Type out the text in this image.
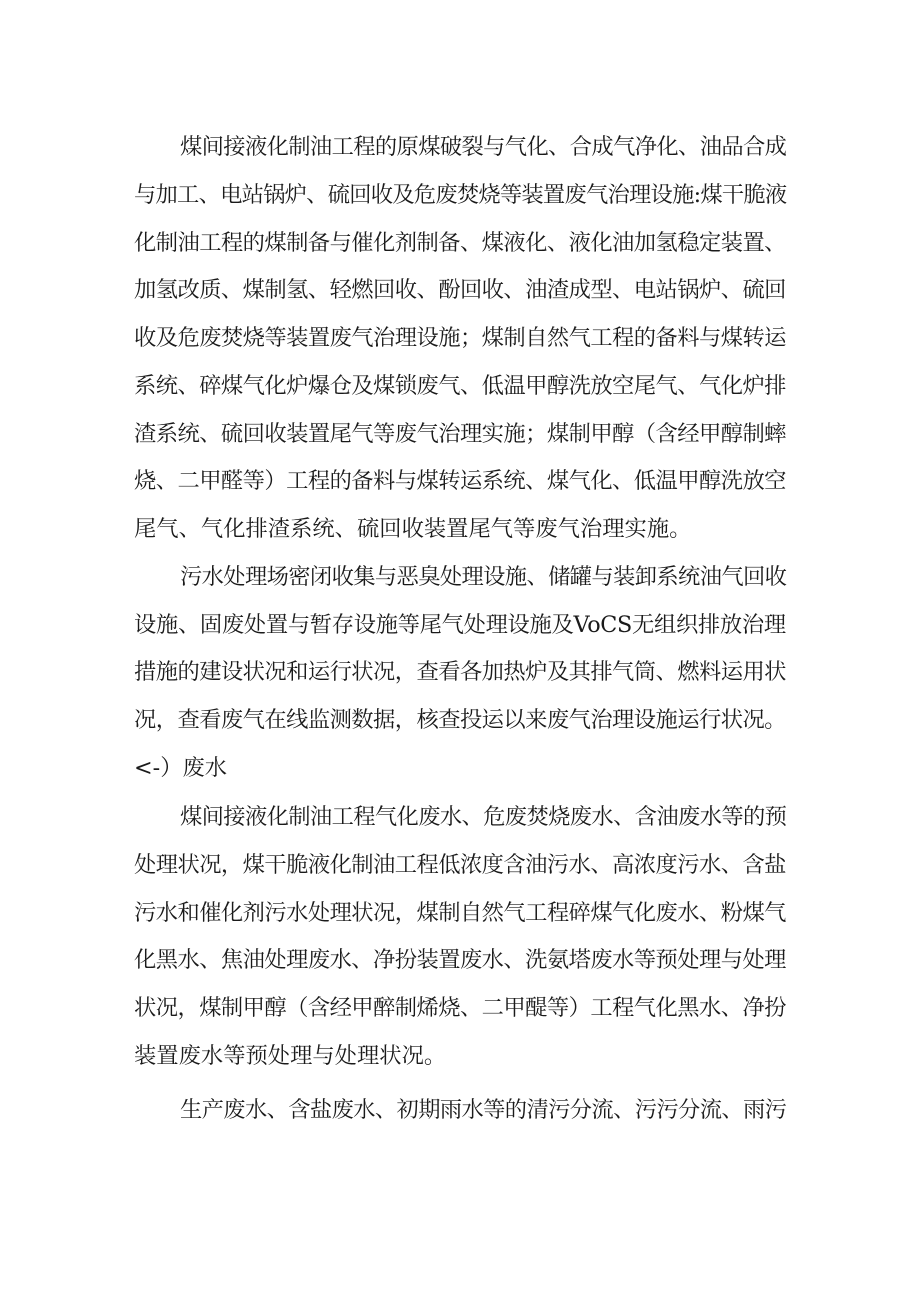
煤间接液化制油工程的原煤破裂与气化、合成气净化、油品合成
与加工、电站锅炉、硫回收及危废焚烧等装置废气治理设施:煤干脆液
化制油工程的煤制备与催化剂制备、煤液化、液化油加氢稳定装置、
加氢改质、煤制氢、轻燃回收、酚回收、油渣成型、电站锅炉、硫回
收及危废焚烧等装置废气治理设施；煤制自然气工程的备料与煤转运
系统、碎煤气化炉爆仓及煤锁废气、低温甲醇洗放空尾气、气化炉排
渣系统、硫回收装置尾气等废气治理实施；煤制甲醇（含经甲醇制蟀
烧、二甲醛等）工程的备料与煤转运系统、煤气化、低温甲醇洗放空
尾气、气化排渣系统、硫回收装置尾气等废气治理实施。
污水处理场密闭收集与恶臭处理设施、储罐与装卸系统油气回收
设施、固废处置与暂存设施等尾气处理设施及VoCS无组织排放治理
措施的建设状况和运行状况，查看各加热炉及其排气筒、燃料运用状
况，查看废气在线监测数据，核查投运以来废气治理设施运行状况。
<-）废水
煤间接液化制油工程气化废水、危废焚烧废水、含油废水等的预
处理状况，煤干脆液化制油工程低浓度含油污水、高浓度污水、含盐
污水和催化剂污水处理状况，煤制自然气工程碎煤气化废水、粉煤气
化黑水、焦油处理废水、净扮装置废水、洗氨塔废水等预处理与处理
状况，煤制甲醇（含经甲醉制烯烧、二甲醍等）工程气化黑水、净扮
装置废水等预处理与处理状况。
生产废水、含盐废水、初期雨水等的清污分流、污污分流、雨污
